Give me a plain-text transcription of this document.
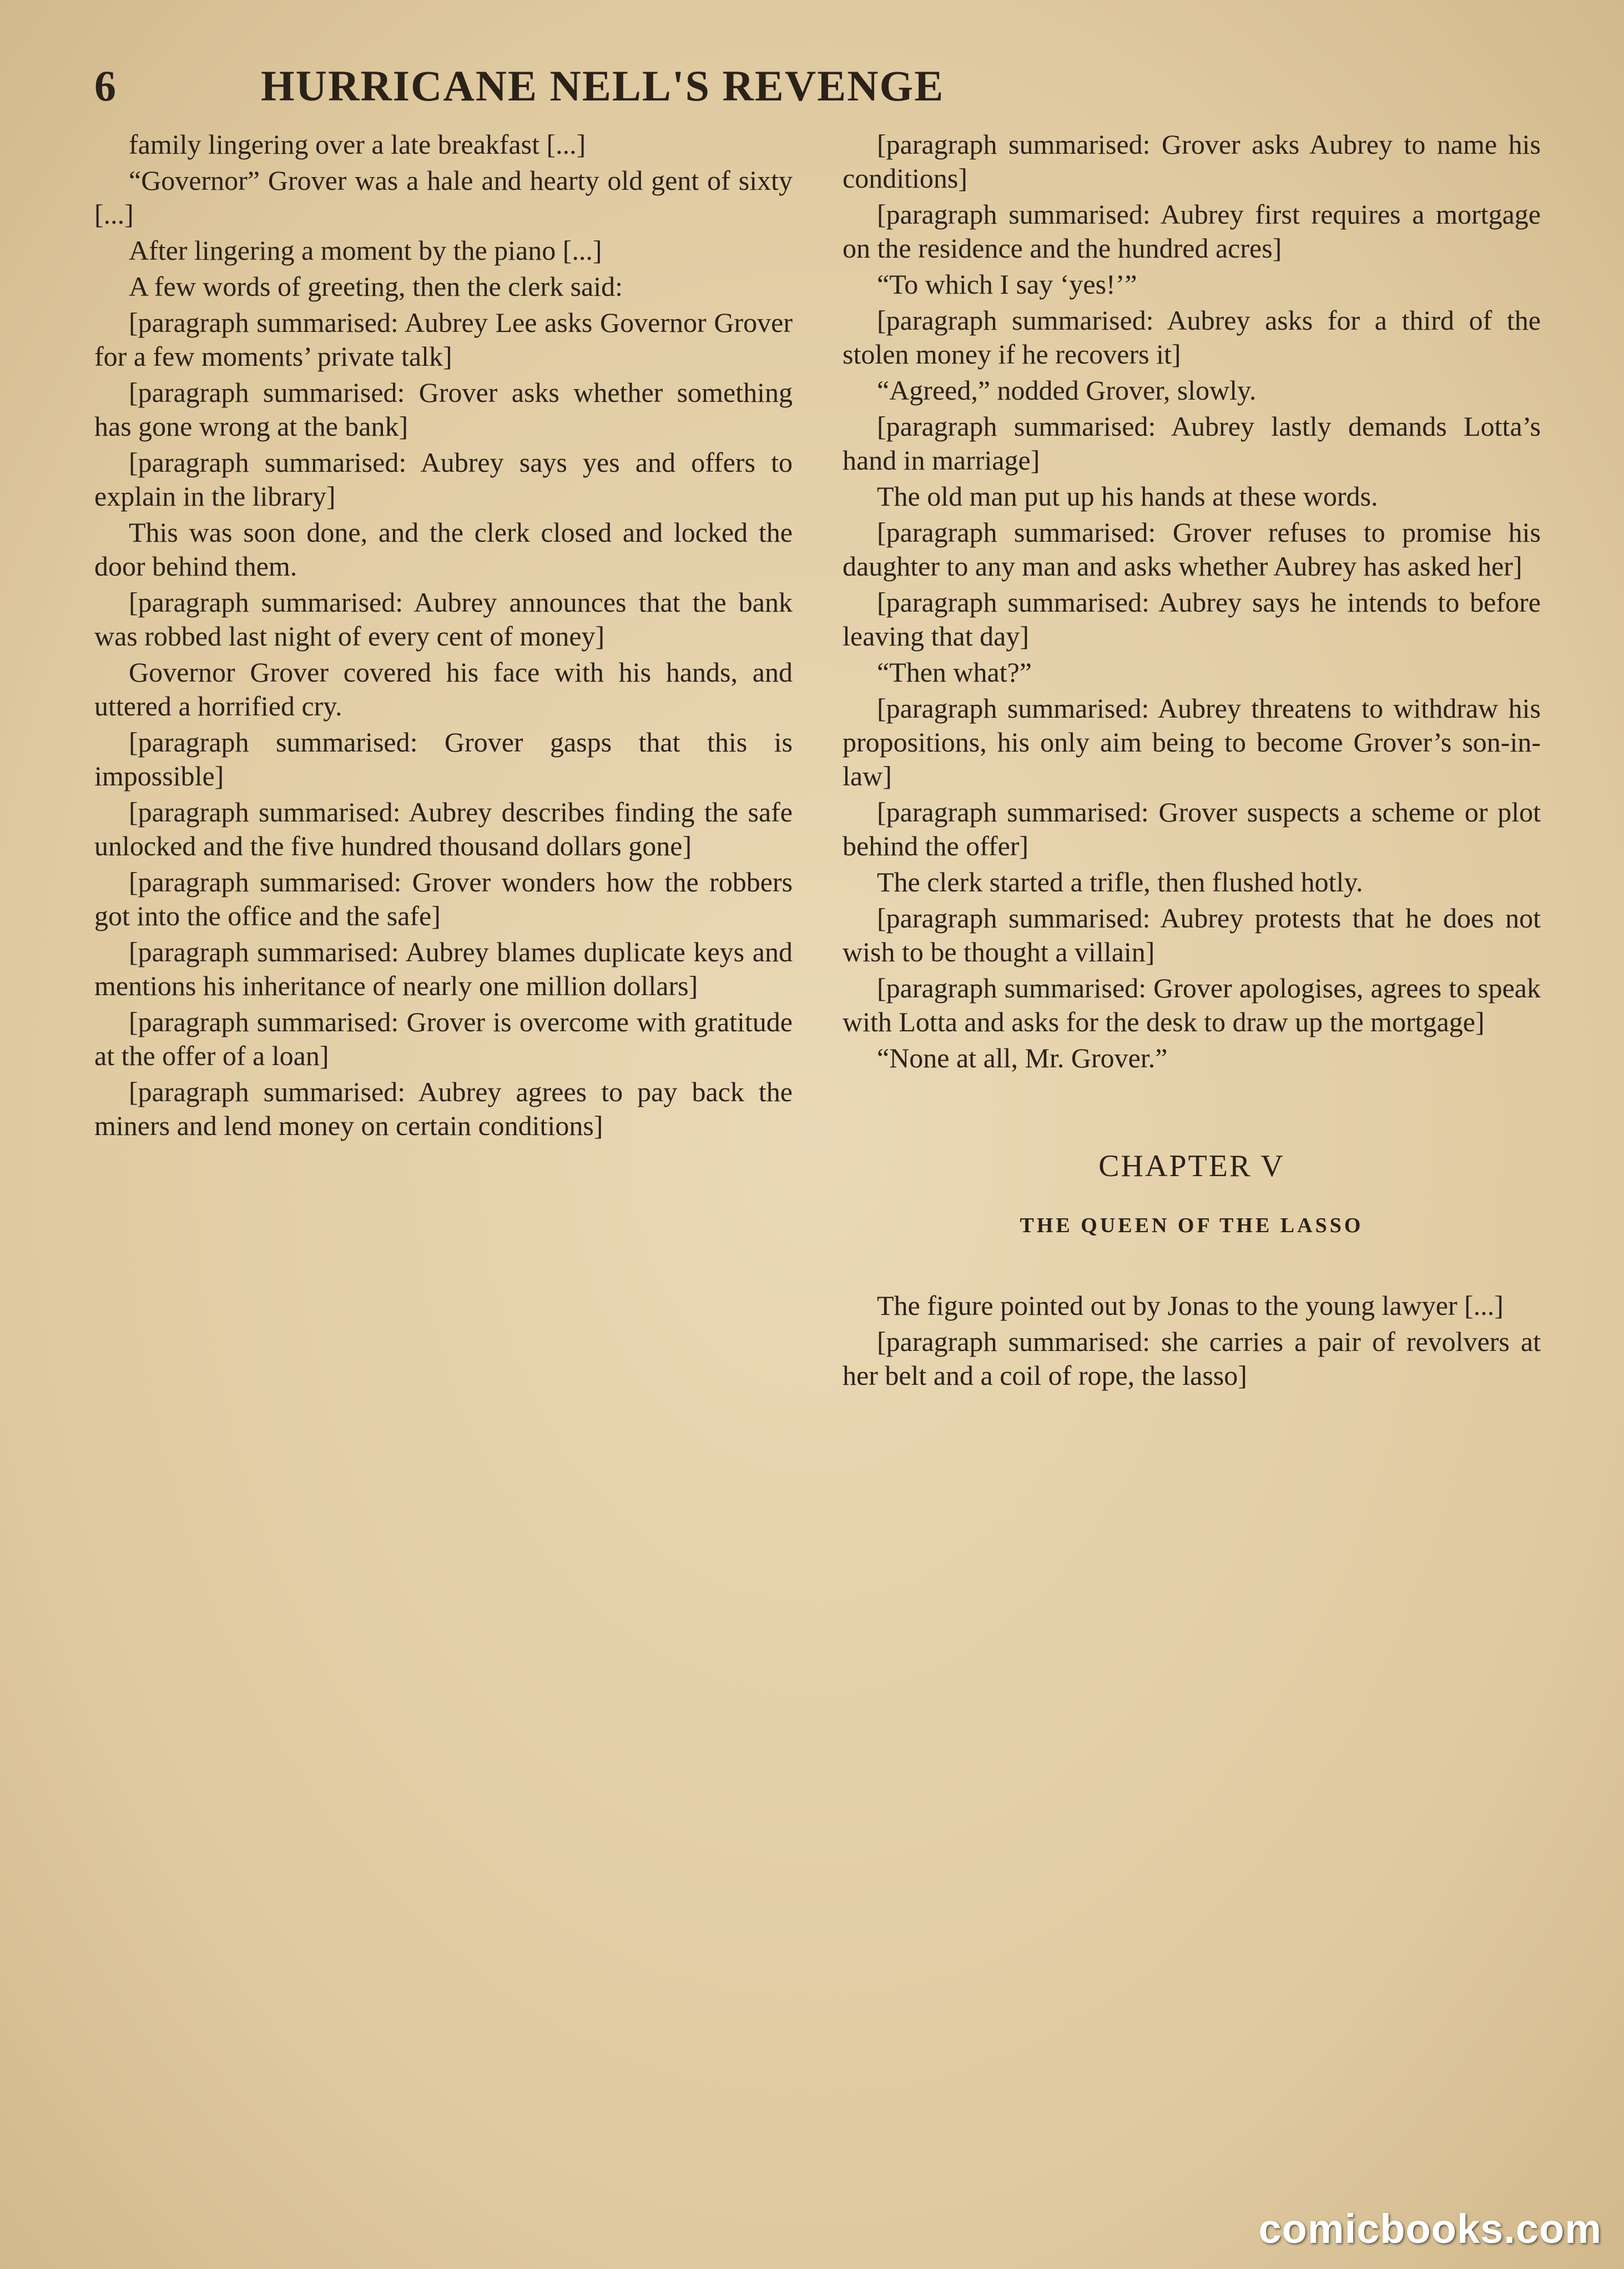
6	HURRICANE NELL'S REVENGE

family lingering over a late breakfast [...]

“Governor” Grover was a hale and hearty old gent of sixty [...]

After lingering a moment by the piano [...]

A few words of greeting, then the clerk said:

[paragraph summarised: Aubrey Lee asks Governor Grover for a few moments’ private talk]

[paragraph summarised: Grover asks whether something has gone wrong at the bank]

[paragraph summarised: Aubrey says yes and offers to explain in the library]

This was soon done, and the clerk closed and locked the door behind them.

[paragraph summarised: Aubrey announces that the bank was robbed last night of every cent of money]

Governor Grover covered his face with his hands, and uttered a horrified cry.

[paragraph summarised: Grover gasps that this is impossible]

[paragraph summarised: Aubrey describes finding the safe unlocked and the five hundred thousand dollars gone]

[paragraph summarised: Grover wonders how the robbers got into the office and the safe]

[paragraph summarised: Aubrey blames duplicate keys and mentions his inheritance of nearly one million dollars]

[paragraph summarised: Grover is overcome with gratitude at the offer of a loan]

[paragraph summarised: Aubrey agrees to pay back the miners and lend money on certain conditions]

[paragraph summarised: Grover asks Aubrey to name his conditions]

[paragraph summarised: Aubrey first requires a mortgage on the residence and the hundred acres]

“To which I say ‘yes!’”

[paragraph summarised: Aubrey asks for a third of the stolen money if he recovers it]

“Agreed,” nodded Grover, slowly.

[paragraph summarised: Aubrey lastly demands Lotta’s hand in marriage]

The old man put up his hands at these words.

[paragraph summarised: Grover refuses to promise his daughter to any man and asks whether Aubrey has asked her]

[paragraph summarised: Aubrey says he intends to before leaving that day]

“Then what?”

[paragraph summarised: Aubrey threatens to withdraw his propositions, his only aim being to become Grover’s son-in-law]

[paragraph summarised: Grover suspects a scheme or plot behind the offer]

The clerk started a trifle, then flushed hotly.

[paragraph summarised: Aubrey protests that he does not wish to be thought a villain]

[paragraph summarised: Grover apologises, agrees to speak with Lotta and asks for the desk to draw up the mortgage]

“None at all, Mr. Grover.”

CHAPTER V
THE QUEEN OF THE LASSO

The figure pointed out by Jonas to the young lawyer [...]

[paragraph summarised: she carries a pair of revolvers at her belt and a coil of rope, the lasso]

comicbooks.com
